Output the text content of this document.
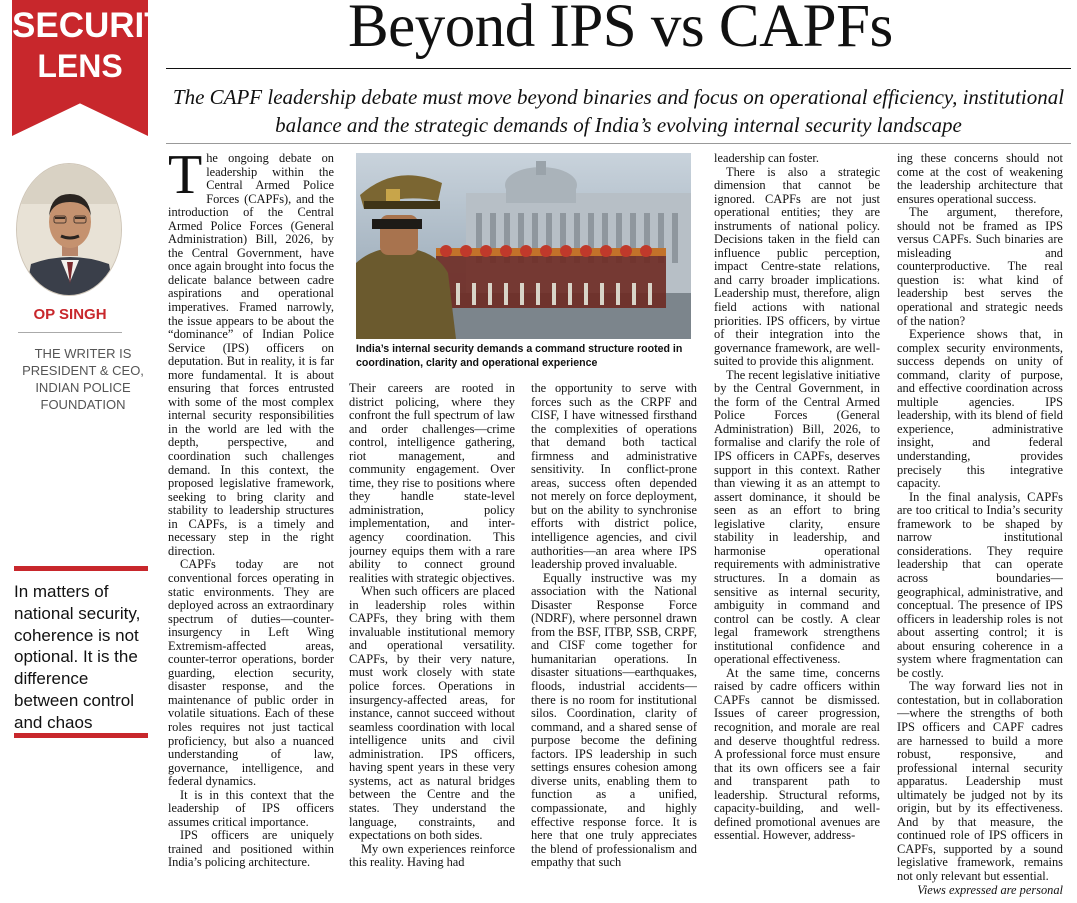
SECURITY
LENS
Beyond IPS vs CAPFs
The CAPF leadership debate must move beyond binaries and focus on operational efficiency, institutional balance and the strategic demands of India’s evolving internal security landscape
OP SINGH
THE WRITER IS PRESIDENT & CEO, INDIAN POLICE FOUNDATION
In matters of national security, coherence is not optional. It is the difference between control and chaos
India’s internal security demands a command structure rooted in coordination, clarity and operational experience

The ongoing debate on leadership within the Central Armed Police Forces (CAPFs), and the introduction of the Central Armed Police Forces (General Administration) Bill, 2026, by the Central Government, have once again brought into focus the delicate balance between cadre aspirations and operational imperatives. Framed narrowly, the issue appears to be about the “dominance” of Indian Police Service (IPS) officers on deputation. But in reality, it is far more fundamental. It is about ensuring that forces entrusted with some of the most complex internal security responsibilities in the world are led with the depth, perspective, and coordination such challenges demand. In this context, the proposed legislative framework, seeking to bring clarity and stability to leadership structures in CAPFs, is a timely and necessary step in the right direction.

CAPFs today are not conventional forces operating in static environments. They are deployed across an extraordinary spectrum of duties—counter-insurgency in Left Wing Extremism-affected areas, counter-terror operations, border guarding, election security, disaster response, and the maintenance of public order in volatile situations. Each of these roles requires not just tactical proficiency, but also a nuanced understanding of law, governance, intelligence, and federal dynamics.

It is in this context that the leadership of IPS officers assumes critical importance.

IPS officers are uniquely trained and positioned within India’s policing architecture.

Their careers are rooted in district policing, where they confront the full spectrum of law and order challenges—crime control, intelligence gathering, riot management, and community engagement. Over time, they rise to positions where they handle state-level administration, policy implementation, and inter-agency coordination. This journey equips them with a rare ability to connect ground realities with strategic objectives.

When such officers are placed in leadership roles within CAPFs, they bring with them invaluable institutional memory and operational versatility. CAPFs, by their very nature, must work closely with state police forces. Operations in insurgency-affected areas, for instance, cannot succeed without seamless coordination with local intelligence units and civil administration. IPS officers, having spent years in these very systems, act as natural bridges between the Centre and the states. They understand the language, constraints, and expectations on both sides.

My own experiences reinforce this reality. Having had

the opportunity to serve with forces such as the CRPF and CISF, I have witnessed firsthand the complexities of operations that demand both tactical firmness and administrative sensitivity. In conflict-prone areas, success often depended not merely on force deployment, but on the ability to synchronise efforts with district police, intelligence agencies, and civil authorities—an area where IPS leadership proved invaluable.

Equally instructive was my association with the National Disaster Response Force (NDRF), where personnel drawn from the BSF, ITBP, SSB, CRPF, and CISF come together for humanitarian operations. In disaster situations—earthquakes, floods, industrial accidents—there is no room for institutional silos. Coordination, clarity of command, and a shared sense of purpose become the defining factors. IPS leadership in such settings ensures cohesion among diverse units, enabling them to function as a unified, compassionate, and highly effective response force. It is here that one truly appreciates the blend of professionalism and empathy that such

leadership can foster.

There is also a strategic dimension that cannot be ignored. CAPFs are not just operational entities; they are instruments of national policy. Decisions taken in the field can influence public perception, impact Centre-state relations, and carry broader implications. Leadership must, therefore, align field actions with national priorities. IPS officers, by virtue of their integration into the governance framework, are well-suited to provide this alignment.

The recent legislative initiative by the Central Government, in the form of the Central Armed Police Forces (General Administration) Bill, 2026, to formalise and clarify the role of IPS officers in CAPFs, deserves support in this context. Rather than viewing it as an attempt to assert dominance, it should be seen as an effort to bring legislative clarity, ensure stability in leadership, and harmonise operational requirements with administrative structures. In a domain as sensitive as internal security, ambiguity in command and control can be costly. A clear legal framework strengthens institutional confidence and operational effectiveness.

At the same time, concerns raised by cadre officers within CAPFs cannot be dismissed. Issues of career progression, recognition, and morale are real and deserve thoughtful redress. A professional force must ensure that its own officers see a fair and transparent path to leadership. Structural reforms, capacity-building, and well-defined promotional avenues are essential. However, address-

ing these concerns should not come at the cost of weakening the leadership architecture that ensures operational success.

The argument, therefore, should not be framed as IPS versus CAPFs. Such binaries are misleading and counterproductive. The real question is: what kind of leadership best serves the operational and strategic needs of the nation?

Experience shows that, in complex security environments, success depends on unity of command, clarity of purpose, and effective coordination across multiple agencies. IPS leadership, with its blend of field experience, administrative insight, and federal understanding, provides precisely this integrative capacity.

In the final analysis, CAPFs are too critical to India’s security framework to be shaped by narrow institutional considerations. They require leadership that can operate across boundaries—geographical, administrative, and conceptual. The presence of IPS officers in leadership roles is not about asserting control; it is about ensuring coherence in a system where fragmentation can be costly.

The way forward lies not in contestation, but in collaboration—where the strengths of both IPS officers and CAPF cadres are harnessed to build a more robust, responsive, and professional internal security apparatus. Leadership must ultimately be judged not by its origin, but by its effectiveness. And by that measure, the continued role of IPS officers in CAPFs, supported by a sound legislative framework, remains not only relevant but essential.

Views expressed are personal
